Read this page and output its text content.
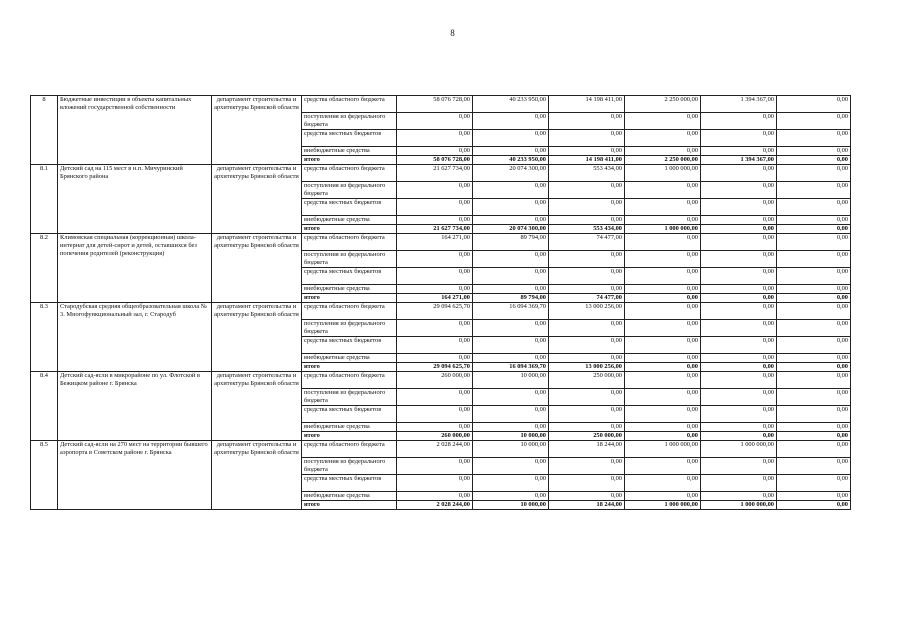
8
8	Бюджетные инвестиции в объекты капитальных вложений государственной собственности	департамент строительства и архитектуры Брянской области	средства областного бюджета	58 076 728,00	40 233 950,00	14 198 411,00	2 250 000,00	1 394 367,00	0,00
			поступления из федерального бюджета	0,00	0,00	0,00	0,00	0,00	0,00
			средства местных бюджетов	0,00	0,00	0,00	0,00	0,00	0,00
			внебюджетные средства	0,00	0,00	0,00	0,00	0,00	0,00
			итого	58 076 728,00	40 233 950,00	14 198 411,00	2 250 000,00	1 394 367,00	0,00
8.1	Детский сад на 115 мест в н.п. Мичуринский Брянского района	департамент строительства и архитектуры Брянской области	средства областного бюджета	21 627 734,00	20 074 300,00	553 434,00	1 000 000,00	0,00	0,00
			поступления из федерального бюджета	0,00	0,00	0,00	0,00	0,00	0,00
			средства местных бюджетов	0,00	0,00	0,00	0,00	0,00	0,00
			внебюджетные средства	0,00	0,00	0,00	0,00	0,00	0,00
			итого	21 627 734,00	20 074 300,00	553 434,00	1 000 000,00	0,00	0,00
8.2	Климовская специальная (коррекционная) школа-интернат для детей-сирот и детей, оставшихся без попечения родителей (реконструкция)	департамент строительства и архитектуры Брянской области	средства областного бюджета	164 271,00	89 794,00	74 477,00	0,00	0,00	0,00
			поступления из федерального бюджета	0,00	0,00	0,00	0,00	0,00	0,00
			средства местных бюджетов	0,00	0,00	0,00	0,00	0,00	0,00
			внебюджетные средства	0,00	0,00	0,00	0,00	0,00	0,00
			итого	164 271,00	89 794,00	74 477,00	0,00	0,00	0,00
8.3	Стародубская средняя общеобразовательная школа № 3. Многофункциональный зал, г. Стародуб	департамент строительства и архитектуры Брянской области	средства областного бюджета	29 094 625,70	16 094 369,70	13 000 256,00	0,00	0,00	0,00
			поступления из федерального бюджета	0,00	0,00	0,00	0,00	0,00	0,00
			средства местных бюджетов	0,00	0,00	0,00	0,00	0,00	0,00
			внебюджетные средства	0,00	0,00	0,00	0,00	0,00	0,00
			итого	29 094 625,70	16 094 369,70	13 000 256,00	0,00	0,00	0,00
8.4	Детский сад-ясли в микрорайоне по ул. Флотской в Бежицком районе г. Брянска	департамент строительства и архитектуры Брянской области	средства областного бюджета	260 000,00	10 000,00	250 000,00	0,00	0,00	0,00
			поступления из федерального бюджета	0,00	0,00	0,00	0,00	0,00	0,00
			средства местных бюджетов	0,00	0,00	0,00	0,00	0,00	0,00
			внебюджетные средства	0,00	0,00	0,00	0,00	0,00	0,00
			итого	260 000,00	10 000,00	250 000,00	0,00	0,00	0,00
8.5	Детский сад-ясли на 270 мест на территории бывшего аэропорта в Советском районе г. Брянска	департамент строительства и архитектуры Брянской области	средства областного бюджета	2 028 244,00	10 000,00	18 244,00	1 000 000,00	1 000 000,00	0,00
			поступления из федерального бюджета	0,00	0,00	0,00	0,00	0,00	0,00
			средства местных бюджетов	0,00	0,00	0,00	0,00	0,00	0,00
			внебюджетные средства	0,00	0,00	0,00	0,00	0,00	0,00
			итого	2 028 244,00	10 000,00	18 244,00	1 000 000,00	1 000 000,00	0,00
